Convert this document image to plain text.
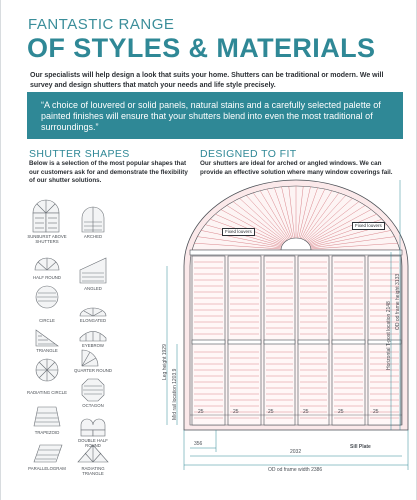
FANTASTIC RANGE
OF STYLES & MATERIALS
Our specialists will help design a look that suits your home. Shutters can be traditional or modern. We will survey and design shutters that match your needs and life style precisely.
“A choice of louvered or solid panels, natural stains and a carefully selected palette of painted finishes will ensure that your shutters blend into even the most traditional of surroundings.”
SHUTTER SHAPES
Below is a selection of the most popular shapes that our customers ask for and demonstrate the flexibility of our shutter solutions.
DESIGNED TO FIT
Our shutters are ideal for arched or angled windows. We can provide an effective solution where many window coverings fail.
SUNBURST ABOVE SHUTTERS
ARCHED
HALF ROUND
ANGLED
CIRCLE	ELONGATED
EYEBROW
TRIANGLE
QUARTER ROUND
RADIATING CIRCLE
OCTAGON
TRAPEZOID
DOUBLE HALF ROUND
PARALLELOGRAM	RADIATING TRIANGLE
Fixed louvers
Fixed louvers
Leg height 1929
Mid rail location 1203.9
Horizontal T-post location 2148 OD od frame height 3133
25	25	25	25	25	25
356
2032
OD od frame width 2386
Sill Plate
